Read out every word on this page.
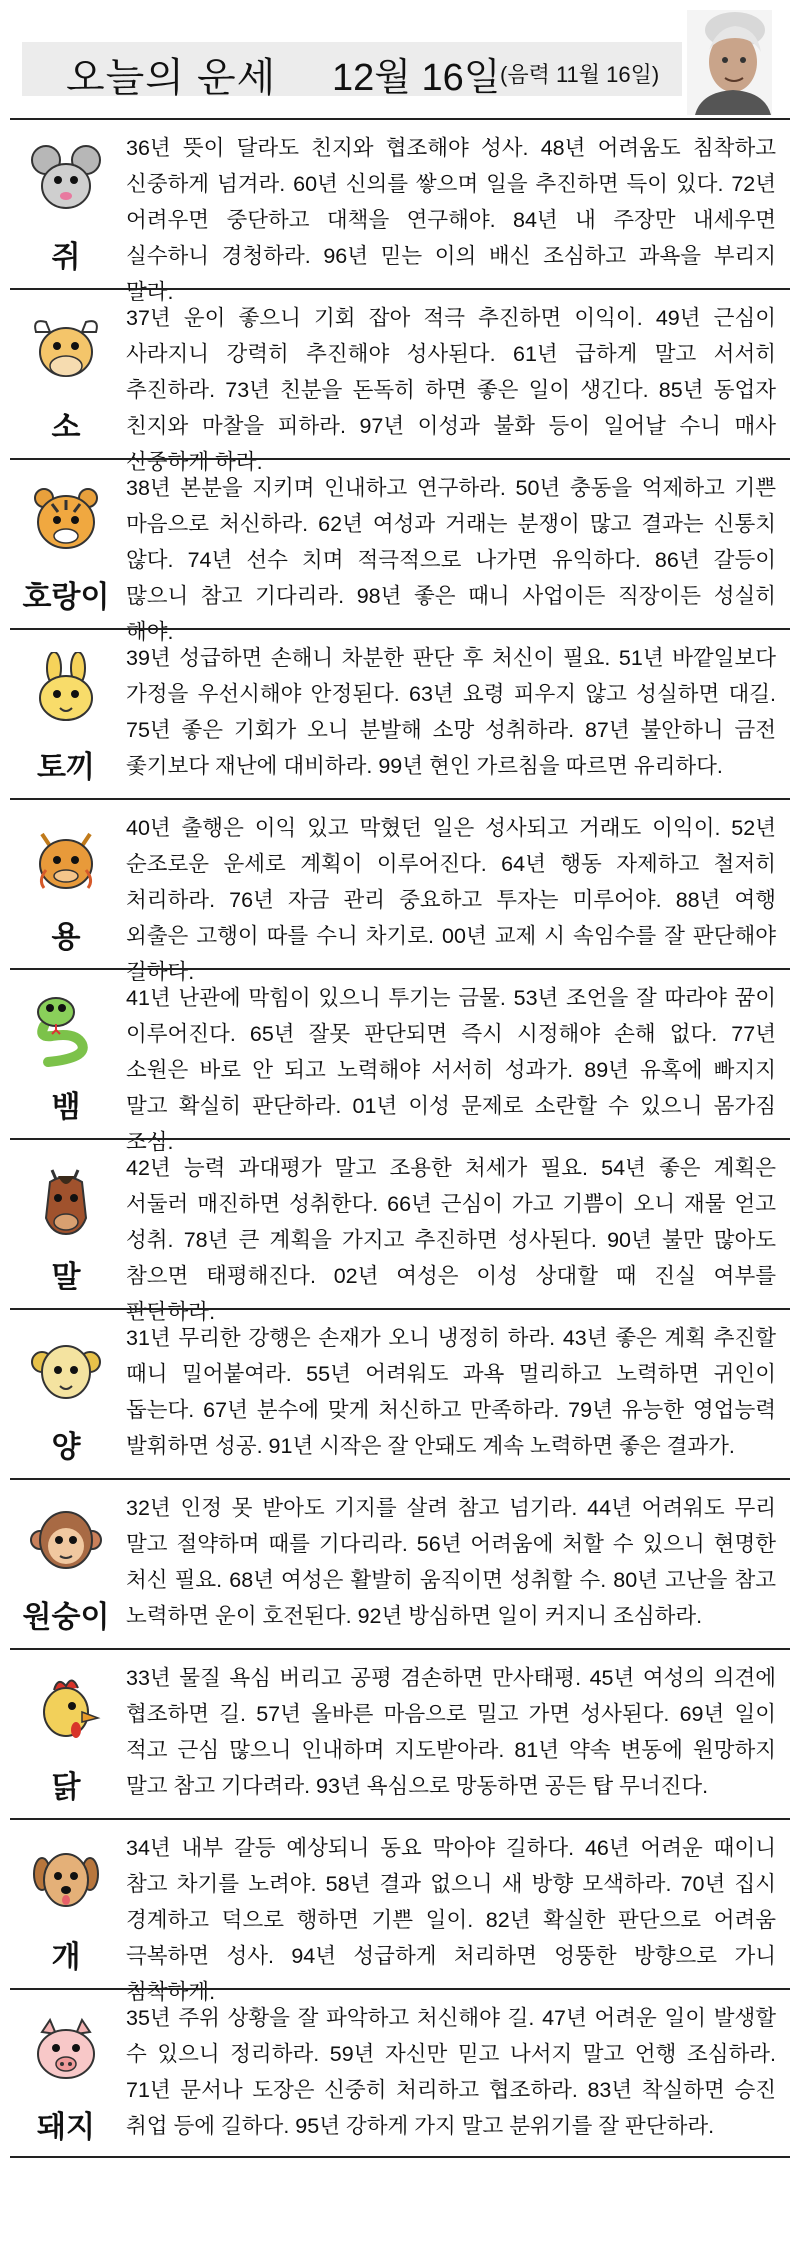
오늘의 운세 12월 16일 (음력 11월 16일)
쥐
36년 뜻이 달라도 친지와 협조해야 성사. 48년 어려움도 침착하고 신중하게 넘겨라. 60년 신의를 쌓으며 일을 추진하면 득이 있다. 72년 어려우면 중단하고 대책을 연구해야. 84년 내 주장만 내세우면 실수하니 경청하라. 96년 믿는 이의 배신 조심하고 과욕을 부리지 말라.
소
37년 운이 좋으니 기회 잡아 적극 추진하면 이익이. 49년 근심이 사라지니 강력히 추진해야 성사된다. 61년 급하게 말고 서서히 추진하라. 73년 친분을 돈독히 하면 좋은 일이 생긴다. 85년 동업자 친지와 마찰을 피하라. 97년 이성과 불화 등이 일어날 수니 매사 신중하게 하라.
호랑이
38년 본분을 지키며 인내하고 연구하라. 50년 충동을 억제하고 기쁜 마음으로 처신하라. 62년 여성과 거래는 분쟁이 많고 결과는 신통치 않다. 74년 선수 치며 적극적으로 나가면 유익하다. 86년 갈등이 많으니 참고 기다리라. 98년 좋은 때니 사업이든 직장이든 성실히 해야.
토끼
39년 성급하면 손해니 차분한 판단 후 처신이 필요. 51년 바깥일보다 가정을 우선시해야 안정된다. 63년 요령 피우지 않고 성실하면 대길. 75년 좋은 기회가 오니 분발해 소망 성취하라. 87년 불안하니 금전 좇기보다 재난에 대비하라. 99년 현인 가르침을 따르면 유리하다.
용
40년 출행은 이익 있고 막혔던 일은 성사되고 거래도 이익이. 52년 순조로운 운세로 계획이 이루어진다. 64년 행동 자제하고 철저히 처리하라. 76년 자금 관리 중요하고 투자는 미루어야. 88년 여행 외출은 고행이 따를 수니 차기로. 00년 교제 시 속임수를 잘 판단해야 길하다.
뱀
41년 난관에 막힘이 있으니 투기는 금물. 53년 조언을 잘 따라야 꿈이 이루어진다. 65년 잘못 판단되면 즉시 시정해야 손해 없다. 77년 소원은 바로 안 되고 노력해야 서서히 성과가. 89년 유혹에 빠지지 말고 확실히 판단하라. 01년 이성 문제로 소란할 수 있으니 몸가짐 조심.
말
42년 능력 과대평가 말고 조용한 처세가 필요. 54년 좋은 계획은 서둘러 매진하면 성취한다. 66년 근심이 가고 기쁨이 오니 재물 얻고 성취. 78년 큰 계획을 가지고 추진하면 성사된다. 90년 불만 많아도 참으면 태평해진다. 02년 여성은 이성 상대할 때 진실 여부를 판단하라.
양
31년 무리한 강행은 손재가 오니 냉정히 하라. 43년 좋은 계획 추진할 때니 밀어붙여라. 55년 어려워도 과욕 멀리하고 노력하면 귀인이 돕는다. 67년 분수에 맞게 처신하고 만족하라. 79년 유능한 영업능력 발휘하면 성공. 91년 시작은 잘 안돼도 계속 노력하면 좋은 결과가.
원숭이
32년 인정 못 받아도 기지를 살려 참고 넘기라. 44년 어려워도 무리 말고 절약하며 때를 기다리라. 56년 어려움에 처할 수 있으니 현명한 처신 필요. 68년 여성은 활발히 움직이면 성취할 수. 80년 고난을 참고 노력하면 운이 호전된다. 92년 방심하면 일이 커지니 조심하라.
닭
33년 물질 욕심 버리고 공평 겸손하면 만사태평. 45년 여성의 의견에 협조하면 길. 57년 올바른 마음으로 밀고 가면 성사된다. 69년 일이 적고 근심 많으니 인내하며 지도받아라. 81년 약속 변동에 원망하지 말고 참고 기다려라. 93년 욕심으로 망동하면 공든 탑 무너진다.
개
34년 내부 갈등 예상되니 동요 막아야 길하다. 46년 어려운 때이니 참고 차기를 노려야. 58년 결과 없으니 새 방향 모색하라. 70년 집시 경계하고 덕으로 행하면 기쁜 일이. 82년 확실한 판단으로 어려움 극복하면 성사. 94년 성급하게 처리하면 엉뚱한 방향으로 가니 침착하게.
돼지
35년 주위 상황을 잘 파악하고 처신해야 길. 47년 어려운 일이 발생할 수 있으니 정리하라. 59년 자신만 믿고 나서지 말고 언행 조심하라. 71년 문서나 도장은 신중히 처리하고 협조하라. 83년 착실하면 승진 취업 등에 길하다. 95년 강하게 가지 말고 분위기를 잘 판단하라.
